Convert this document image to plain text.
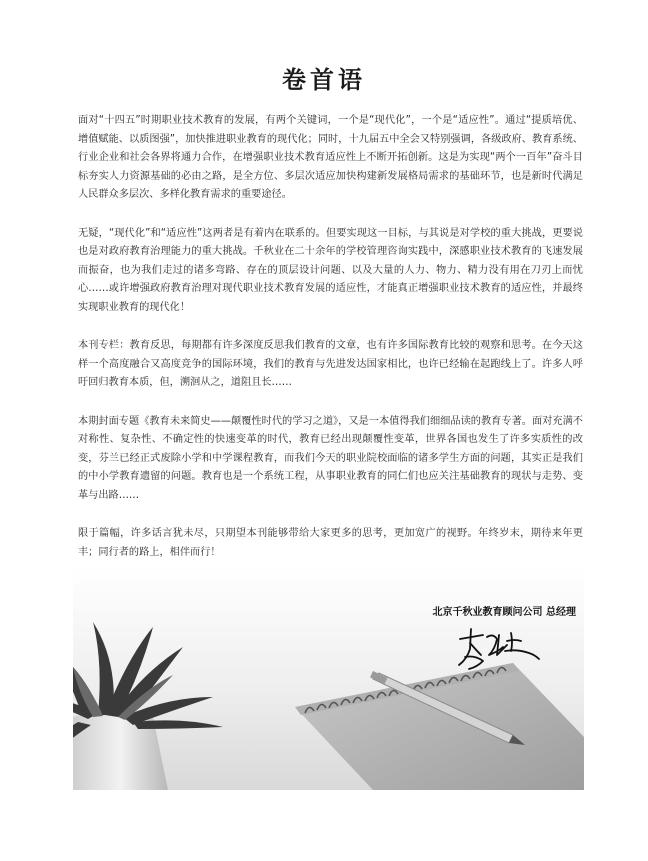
卷首语

面对“十四五”时期职业技术教育的发展，有两个关键词，一个是“现代化”，一个是“适应性”。通过“提质培优、增值赋能、以质图强”，加快推进职业教育的现代化；同时，十九届五中全会又特别强调，各级政府、教育系统、行业企业和社会各界将通力合作，在增强职业技术教育适应性上不断开拓创新。这是为实现“两个一百年”奋斗目标夯实人力资源基础的必由之路，是全方位、多层次适应加快构建新发展格局需求的基础环节，也是新时代满足人民群众多层次、多样化教育需求的重要途径。

无疑，“现代化”和“适应性”这两者是有着内在联系的。但要实现这一目标，与其说是对学校的重大挑战，更要说也是对政府教育治理能力的重大挑战。千秋业在二十余年的学校管理咨询实践中，深感职业技术教育的飞速发展而振奋，也为我们走过的诸多弯路、存在的顶层设计问题、以及大量的人力、物力、精力没有用在刀刃上而忧心……或许增强政府教育治理对现代职业技术教育发展的适应性，才能真正增强职业技术教育的适应性，并最终实现职业教育的现代化！

本刊专栏：教育反思，每期都有许多深度反思我们教育的文章，也有许多国际教育比较的观察和思考。在今天这样一个高度融合又高度竞争的国际环境，我们的教育与先进发达国家相比，也许已经输在起跑线上了。许多人呼吁回归教育本质，但，溯洄从之，道阻且长……

本期封面专题《教育未来简史——颠覆性时代的学习之道》，又是一本值得我们细细品读的教育专著。面对充满不对称性、复杂性、不确定性的快速变革的时代，教育已经出现颠覆性变革，世界各国也发生了许多实质性的改变，芬兰已经正式废除小学和中学课程教育，而我们今天的职业院校面临的诸多学生方面的问题，其实正是我们的中小学教育遗留的问题。教育也是一个系统工程，从事职业教育的同仁们也应关注基础教育的现状与走势、变革与出路……

限于篇幅，许多话言犹未尽，只期望本刊能够带给大家更多的思考，更加宽广的视野。年终岁末，期待来年更丰；同行者的路上，相伴而行！

北京千秋业教育顾问公司 总经理
